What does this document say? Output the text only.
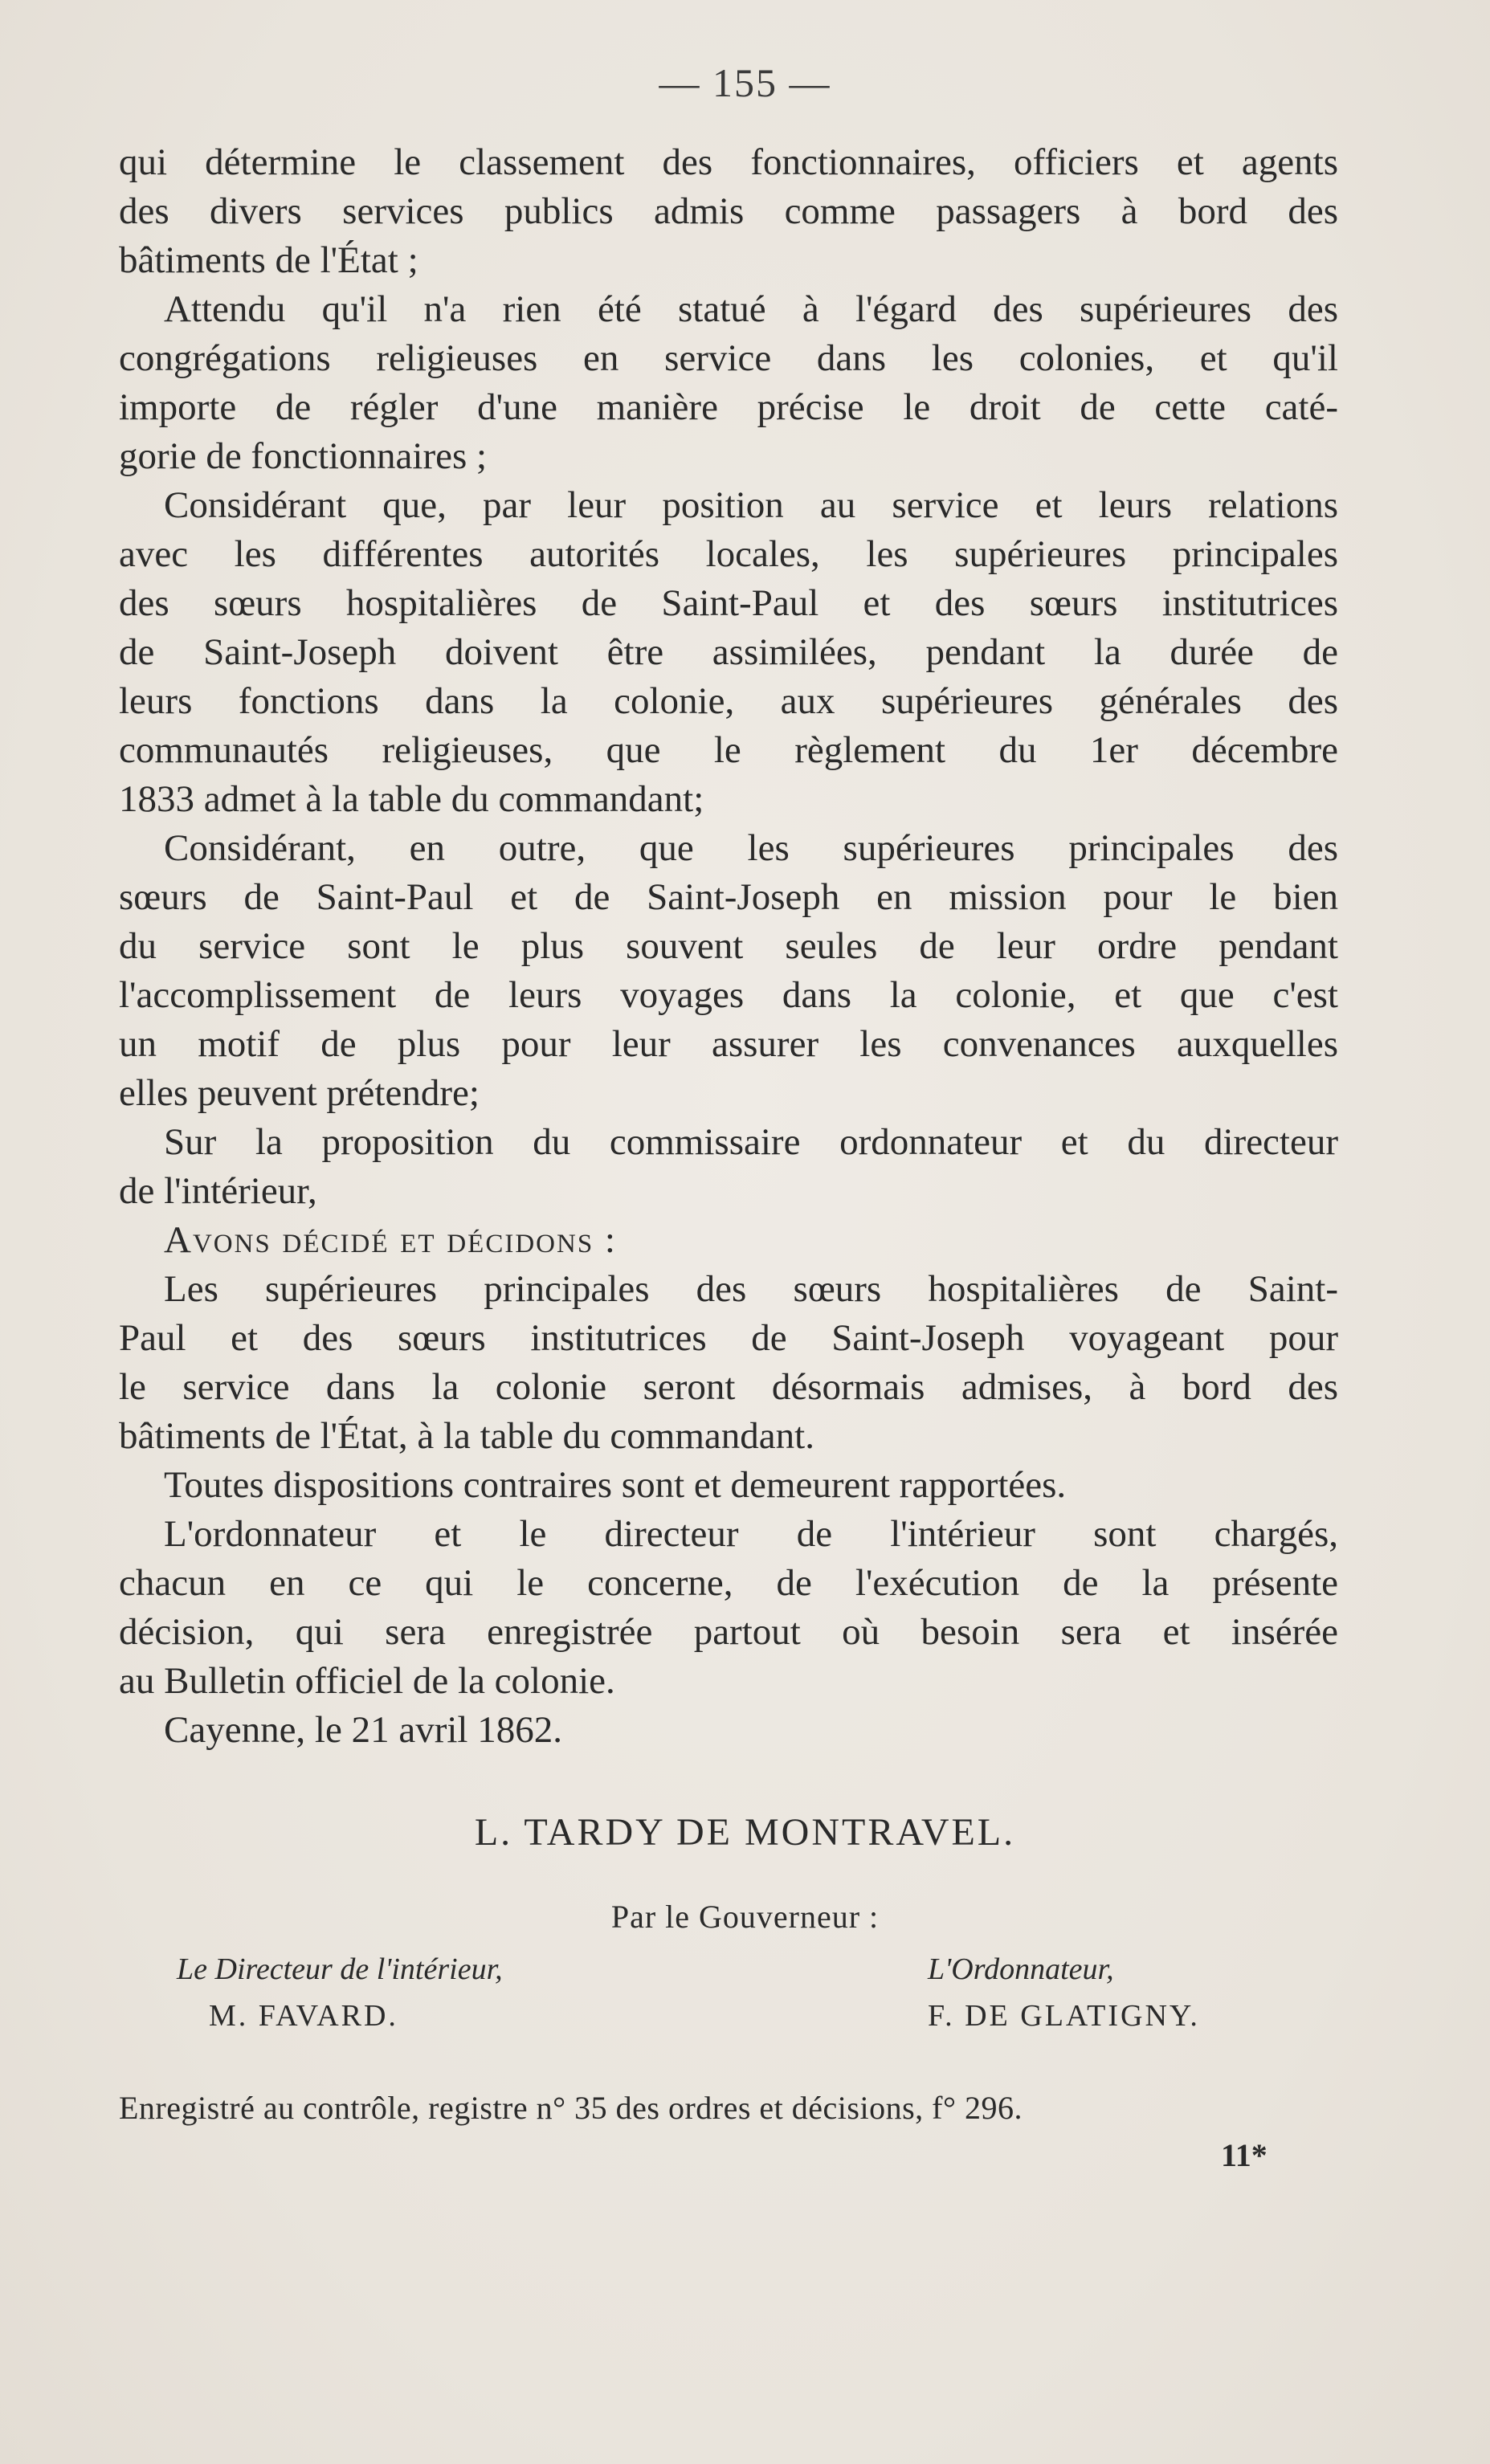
— 155 —

qui détermine le classement des fonctionnaires, officiers et agents
des divers services publics admis comme passagers à bord des
bâtiments de l'État ;

Attendu qu'il n'a rien été statué à l'égard des supérieures des
congrégations religieuses en service dans les colonies, et qu'il
importe de régler d'une manière précise le droit de cette caté-
gorie de fonctionnaires ;

Considérant que, par leur position au service et leurs relations
avec les différentes autorités locales, les supérieures principales
des sœurs hospitalières de Saint-Paul et des sœurs institutrices
de Saint-Joseph doivent être assimilées, pendant la durée de
leurs fonctions dans la colonie, aux supérieures générales des
communautés religieuses, que le règlement du 1er décembre
1833 admet à la table du commandant;

Considérant, en outre, que les supérieures principales des
sœurs de Saint-Paul et de Saint-Joseph en mission pour le bien
du service sont le plus souvent seules de leur ordre pendant
l'accomplissement de leurs voyages dans la colonie, et que c'est
un motif de plus pour leur assurer les convenances auxquelles
elles peuvent prétendre;

Sur la proposition du commissaire ordonnateur et du directeur
de l'intérieur,

Avons décidé et décidons :

Les supérieures principales des sœurs hospitalières de Saint-
Paul et des sœurs institutrices de Saint-Joseph voyageant pour
le service dans la colonie seront désormais admises, à bord des
bâtiments de l'État, à la table du commandant.

Toutes dispositions contraires sont et demeurent rapportées.

L'ordonnateur et le directeur de l'intérieur sont chargés,
chacun en ce qui le concerne, de l'exécution de la présente
décision, qui sera enregistrée partout où besoin sera et insérée
au Bulletin officiel de la colonie.

Cayenne, le 21 avril 1862.

L. TARDY DE MONTRAVEL.
Par le Gouverneur :
Le Directeur de l'intérieur,
M. FAVARD.
L'Ordonnateur,
F. DE GLATIGNY.
Enregistré au contrôle, registre n° 35 des ordres et décisions, f° 296.
11*
